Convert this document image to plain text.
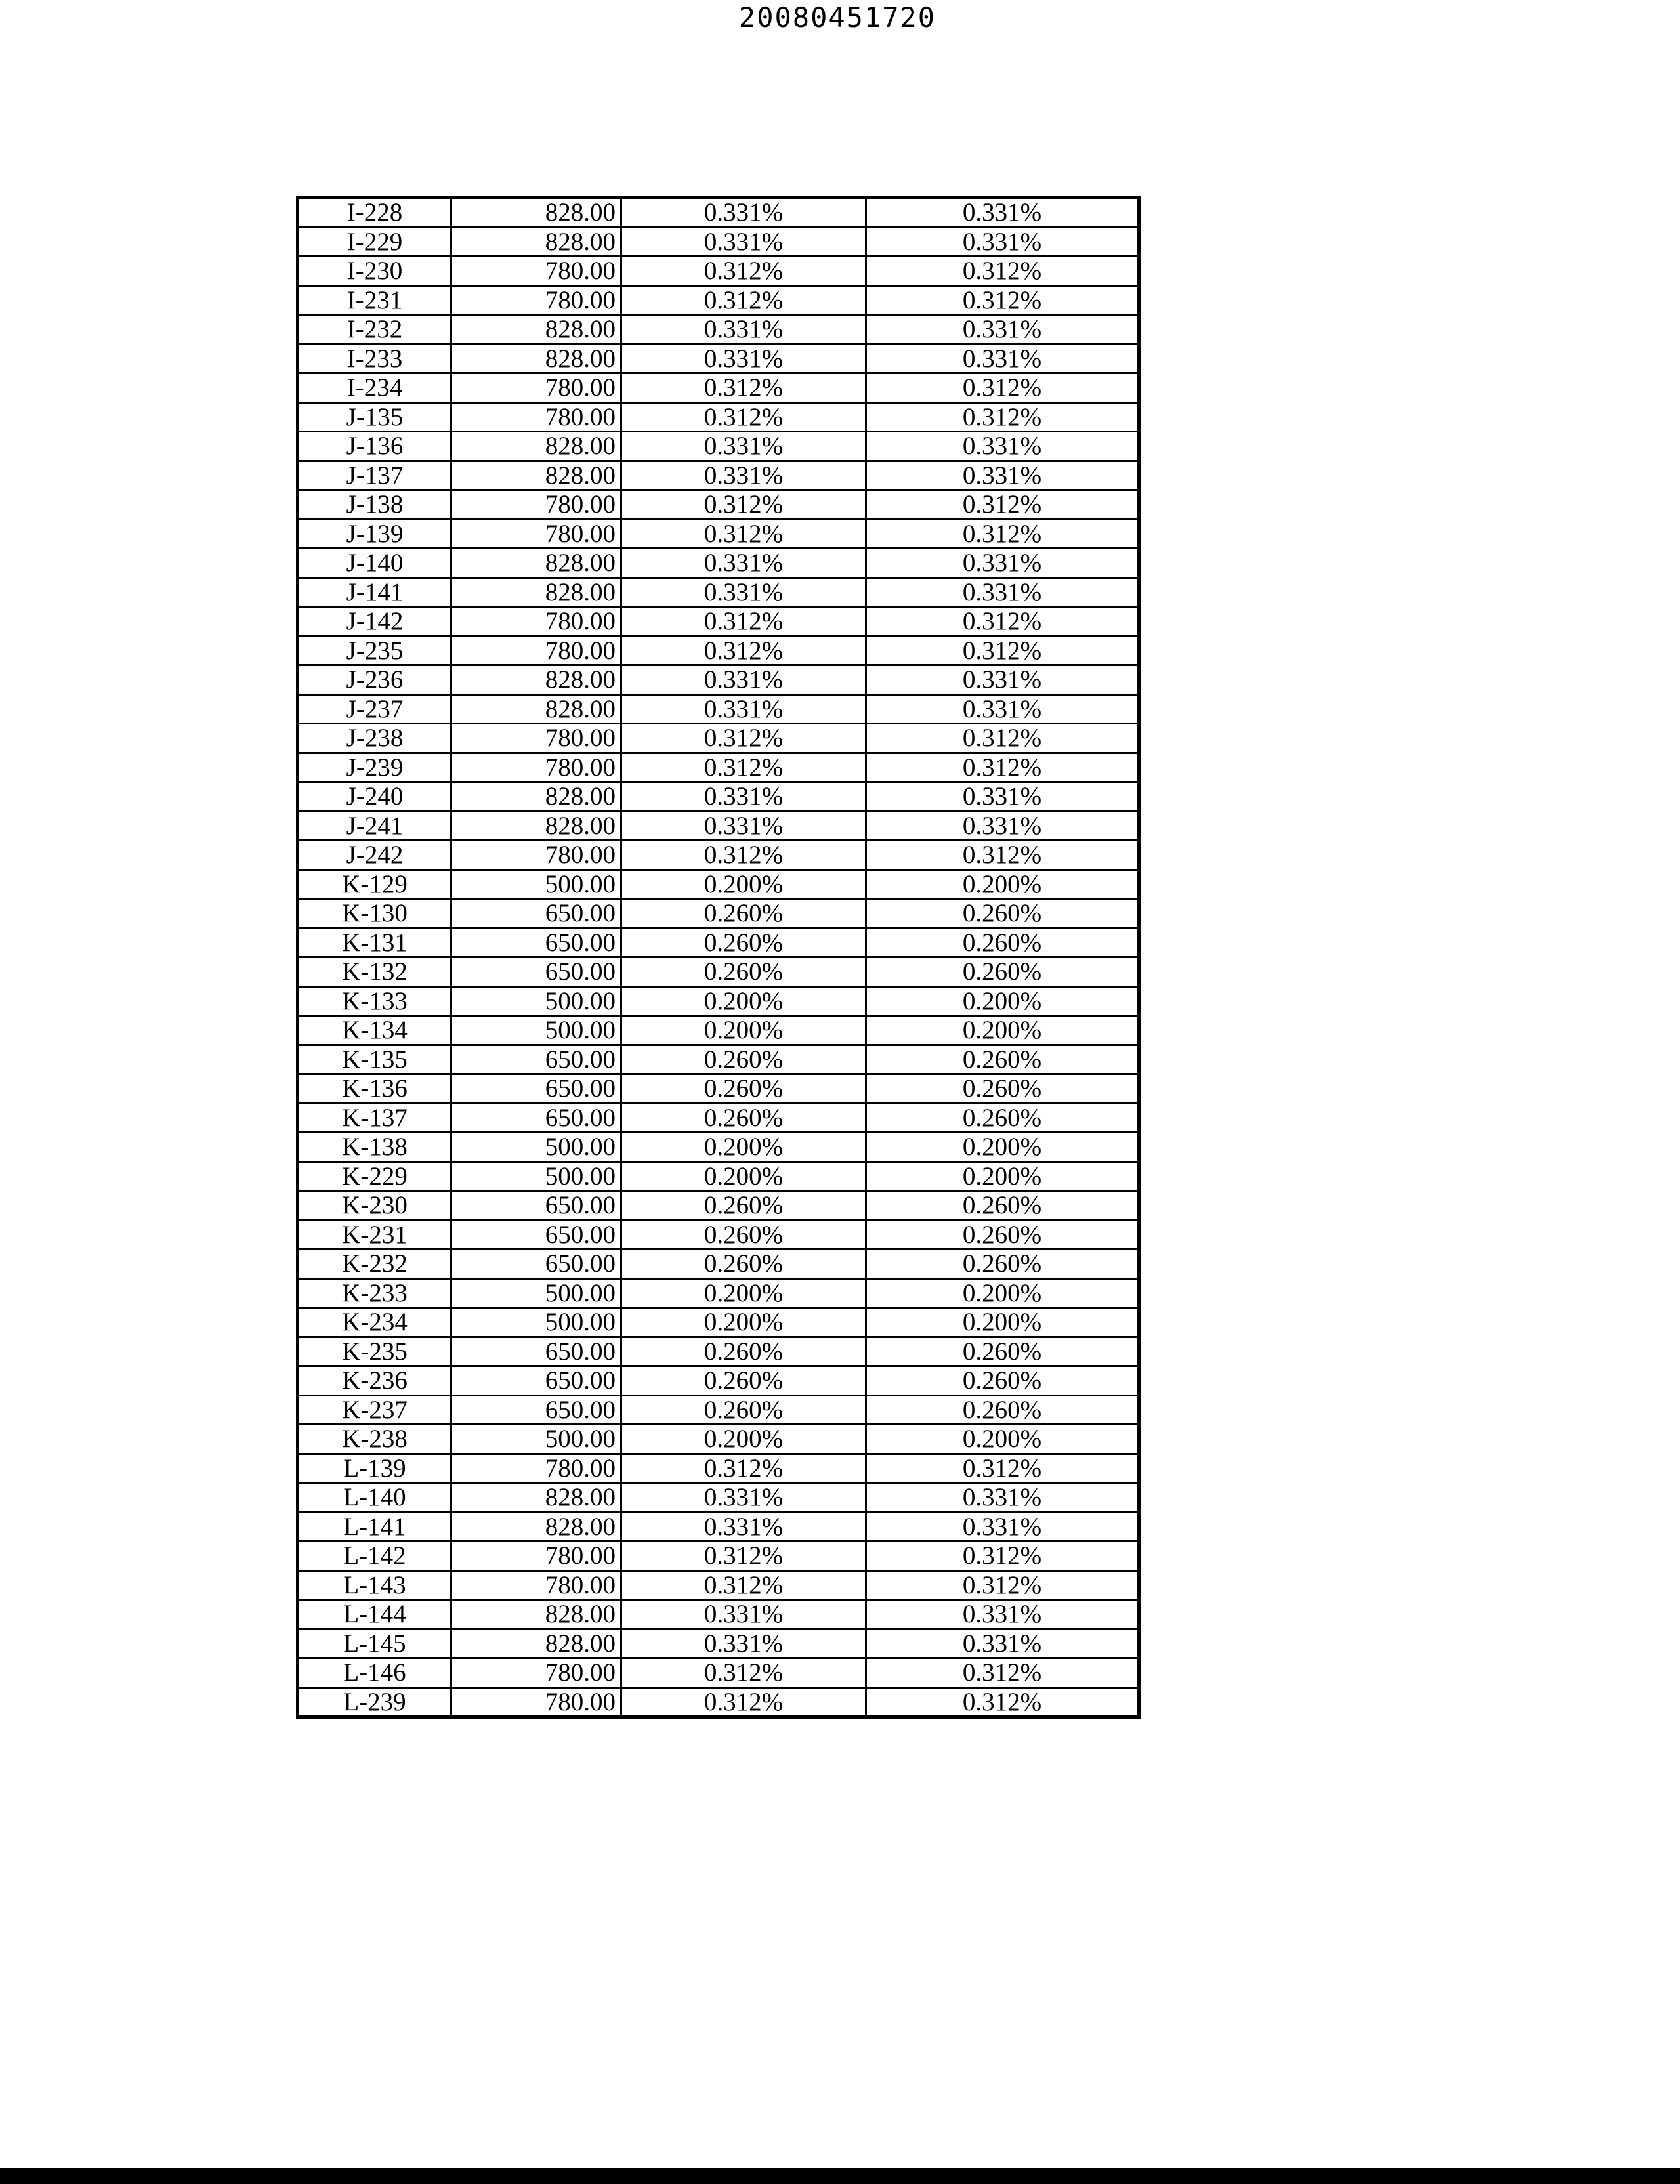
20080451720
I-228	828.00	0.331%	0.331%
I-229	828.00	0.331%	0.331%
I-230	780.00	0.312%	0.312%
I-231	780.00	0.312%	0.312%
I-232	828.00	0.331%	0.331%
I-233	828.00	0.331%	0.331%
I-234	780.00	0.312%	0.312%
J-135	780.00	0.312%	0.312%
J-136	828.00	0.331%	0.331%
J-137	828.00	0.331%	0.331%
J-138	780.00	0.312%	0.312%
J-139	780.00	0.312%	0.312%
J-140	828.00	0.331%	0.331%
J-141	828.00	0.331%	0.331%
J-142	780.00	0.312%	0.312%
J-235	780.00	0.312%	0.312%
J-236	828.00	0.331%	0.331%
J-237	828.00	0.331%	0.331%
J-238	780.00	0.312%	0.312%
J-239	780.00	0.312%	0.312%
J-240	828.00	0.331%	0.331%
J-241	828.00	0.331%	0.331%
J-242	780.00	0.312%	0.312%
K-129	500.00	0.200%	0.200%
K-130	650.00	0.260%	0.260%
K-131	650.00	0.260%	0.260%
K-132	650.00	0.260%	0.260%
K-133	500.00	0.200%	0.200%
K-134	500.00	0.200%	0.200%
K-135	650.00	0.260%	0.260%
K-136	650.00	0.260%	0.260%
K-137	650.00	0.260%	0.260%
K-138	500.00	0.200%	0.200%
K-229	500.00	0.200%	0.200%
K-230	650.00	0.260%	0.260%
K-231	650.00	0.260%	0.260%
K-232	650.00	0.260%	0.260%
K-233	500.00	0.200%	0.200%
K-234	500.00	0.200%	0.200%
K-235	650.00	0.260%	0.260%
K-236	650.00	0.260%	0.260%
K-237	650.00	0.260%	0.260%
K-238	500.00	0.200%	0.200%
L-139	780.00	0.312%	0.312%
L-140	828.00	0.331%	0.331%
L-141	828.00	0.331%	0.331%
L-142	780.00	0.312%	0.312%
L-143	780.00	0.312%	0.312%
L-144	828.00	0.331%	0.331%
L-145	828.00	0.331%	0.331%
L-146	780.00	0.312%	0.312%
L-239	780.00	0.312%	0.312%
